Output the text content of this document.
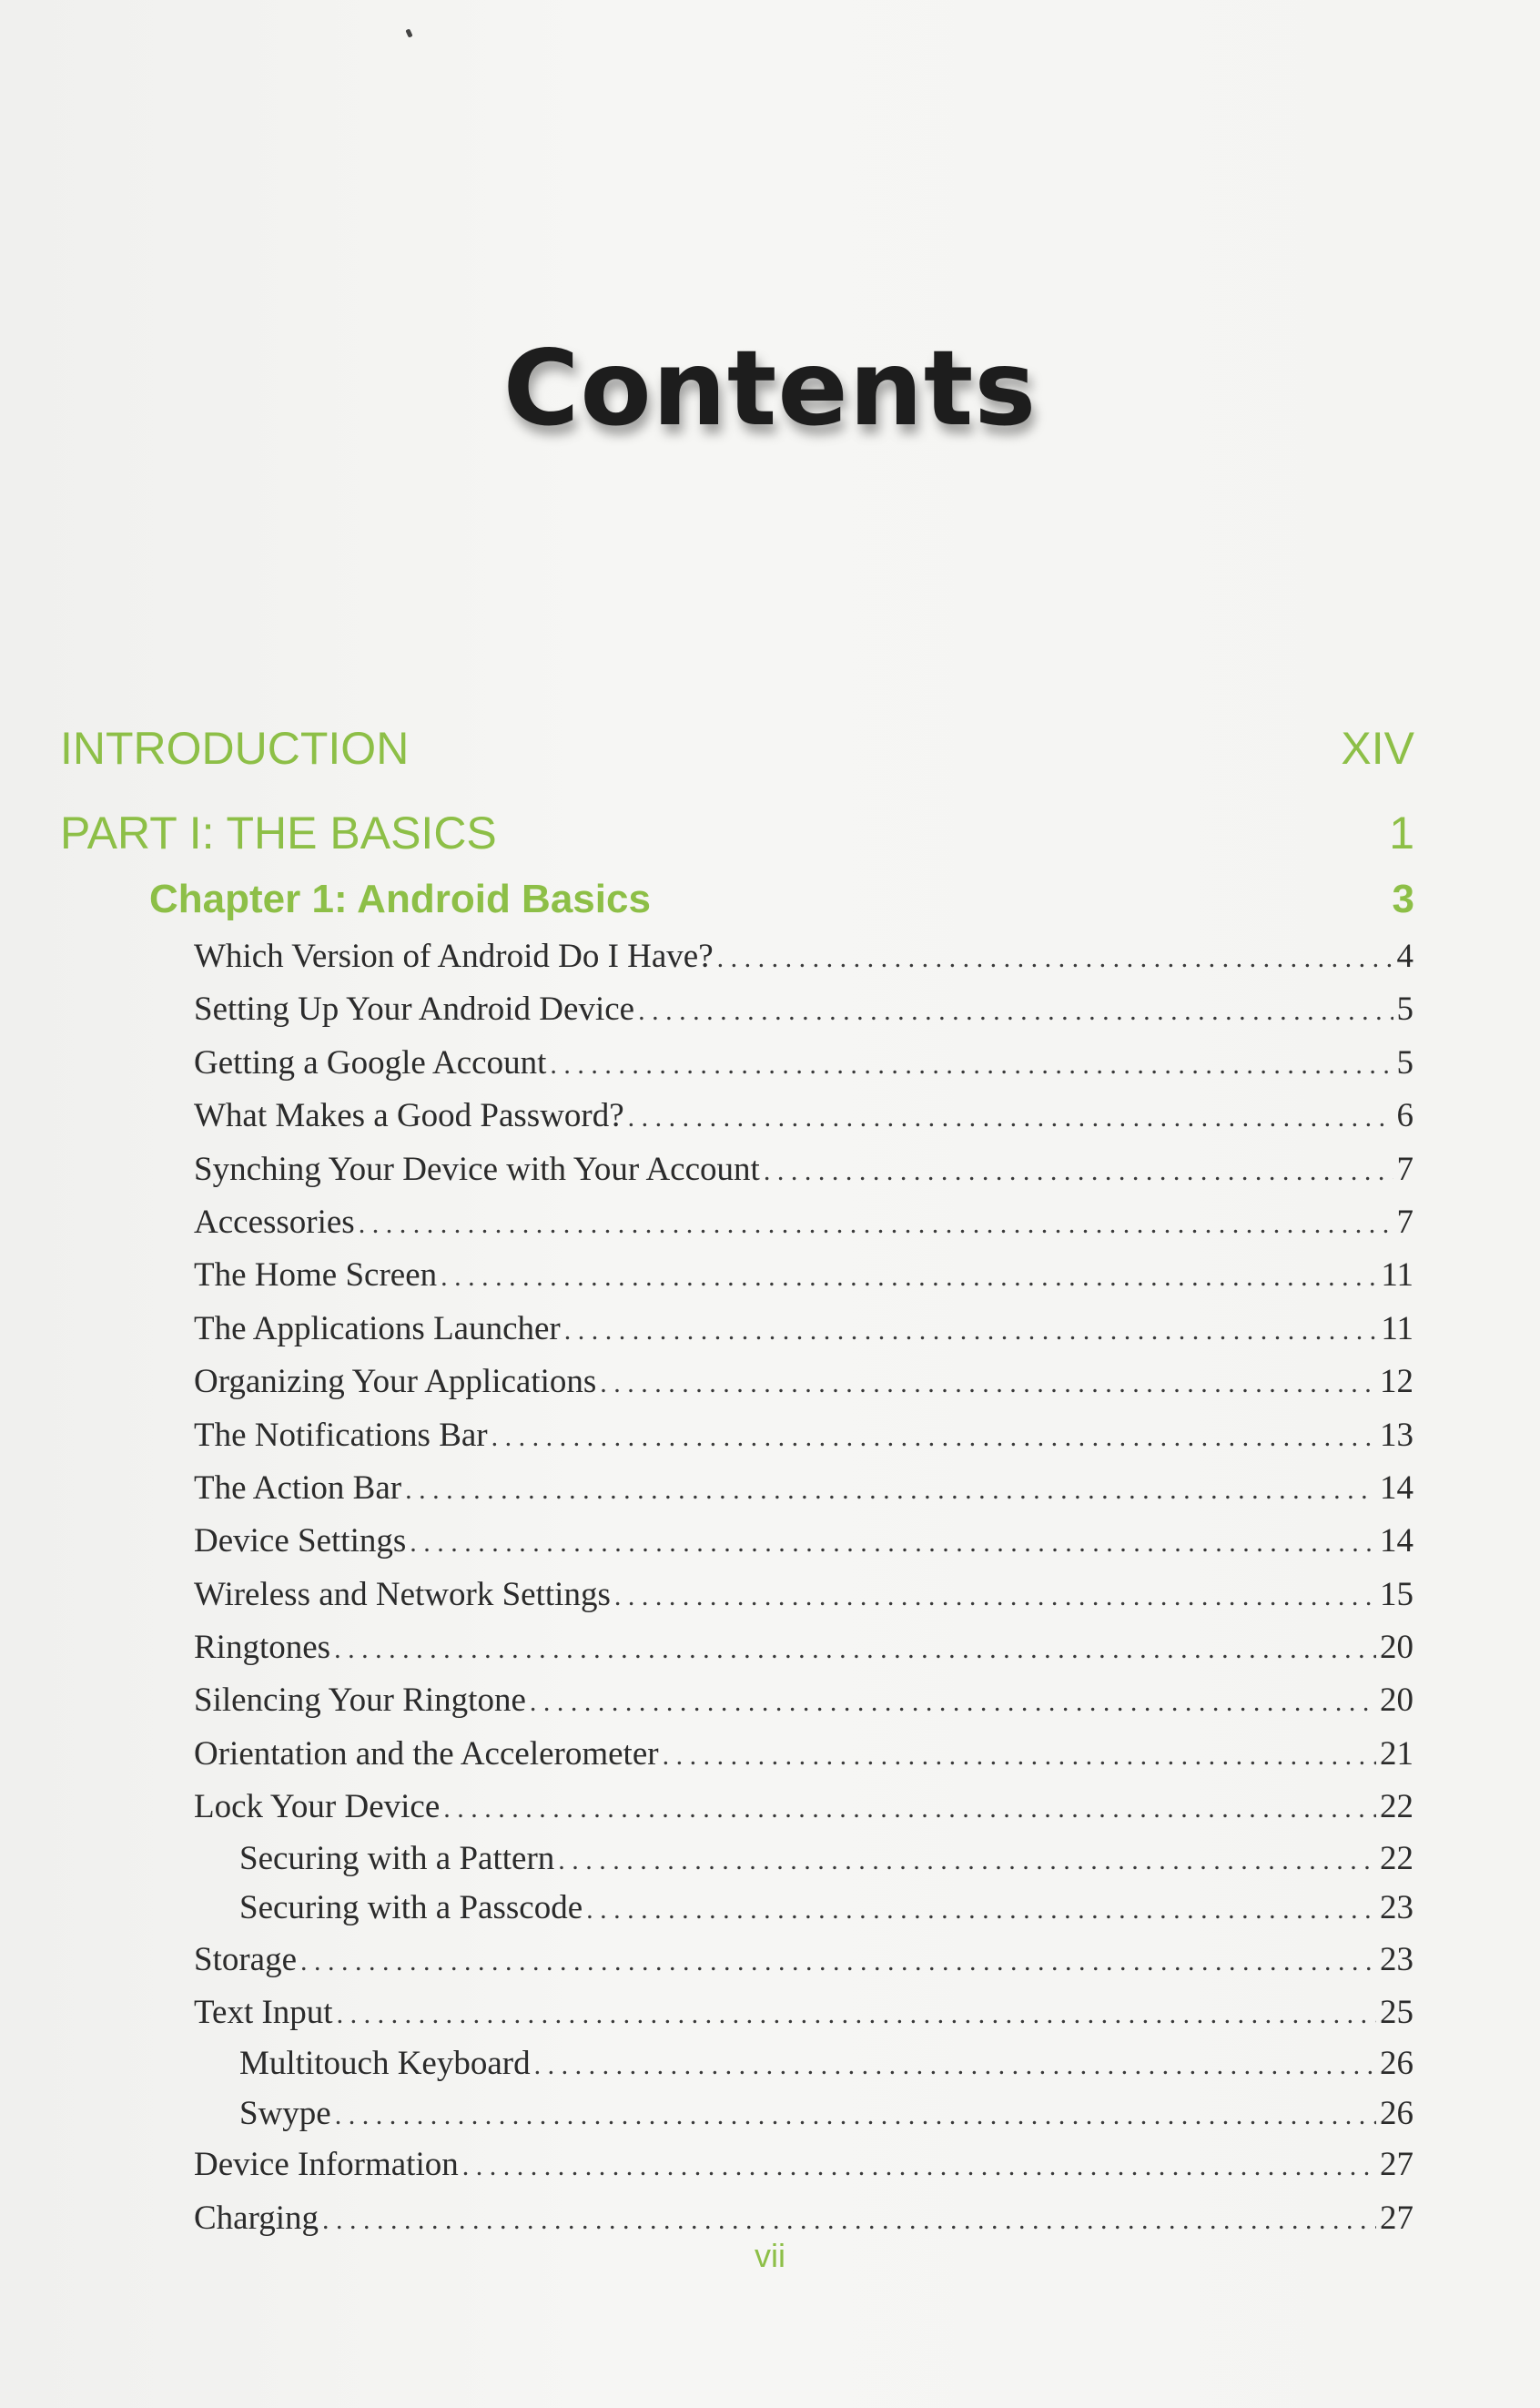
Contents
INTRODUCTION	XIV
PART I: THE BASICS	1
Chapter 1: Android Basics	3
Which Version of Android Do I Have? . . .	4
Setting Up Your Android Device . . .	5
Getting a Google Account . . .	5
What Makes a Good Password? . . .	6
Synching Your Device with Your Account . . .	7
Accessories . . .	7
The Home Screen . . .	11
The Applications Launcher . . .	11
Organizing Your Applications . . .	12
The Notifications Bar . . .	13
The Action Bar . . .	14
Device Settings . . .	14
Wireless and Network Settings . . .	15
Ringtones . . .	20
Silencing Your Ringtone . . .	20
Orientation and the Accelerometer . . .	21
Lock Your Device . . .	22
Securing with a Pattern . . .	22
Securing with a Passcode . . .	23
Storage . . .	23
Text Input . . .	25
Multitouch Keyboard . . .	26
Swype . . .	26
Device Information . . .	27
Charging . . .	27
vii
